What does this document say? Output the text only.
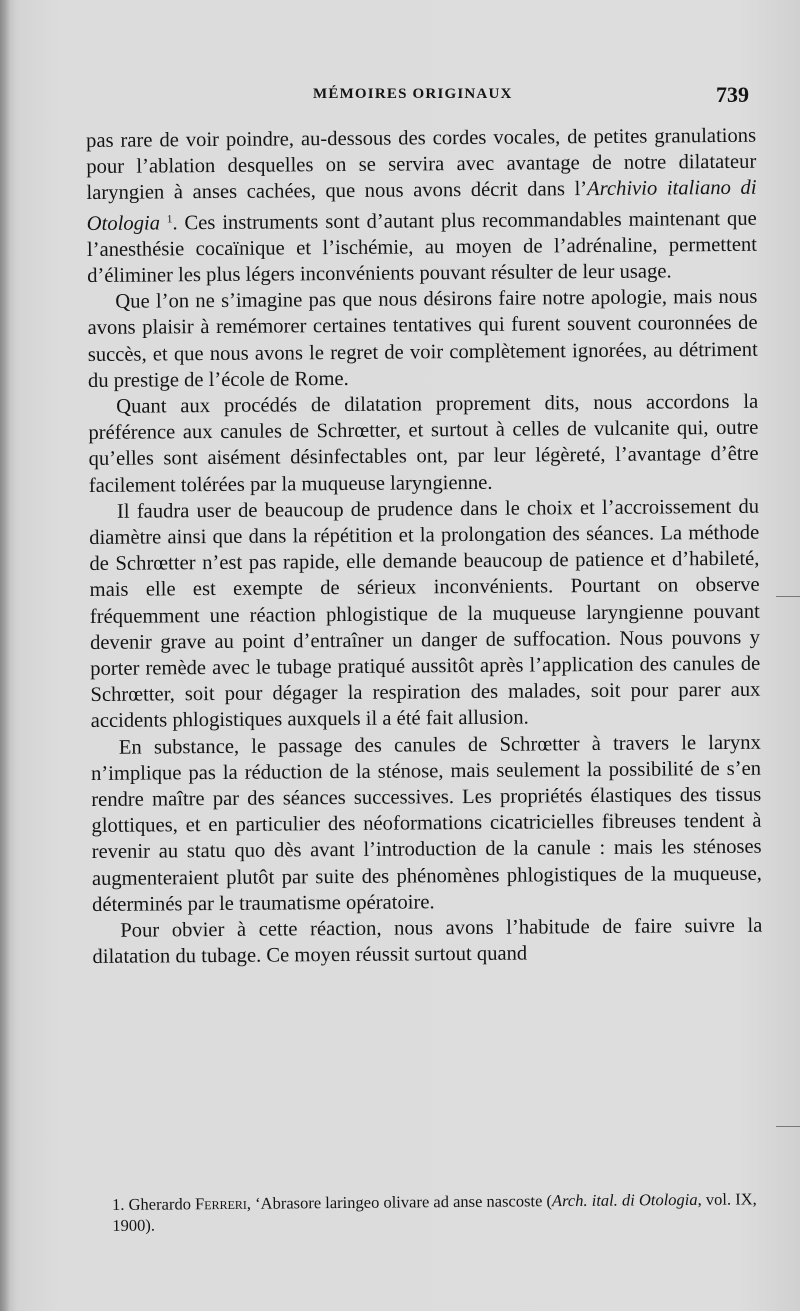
MÉMOIRES ORIGINAUX	739

pas rare de voir poindre, au-dessous des cordes vocales, de petites granulations pour l’ablation desquelles on se servira avec avantage de notre dilatateur laryngien à anses cachées, que nous avons décrit dans l’Archivio italiano di Otologia $^1$. Ces instruments sont d’autant plus recommandables maintenant que l’anesthésie cocaïnique et l’ischémie, au moyen de l’adrénaline, permettent d’éliminer les plus légers inconvénients pouvant résulter de leur usage.

Que l’on ne s’imagine pas que nous désirons faire notre apologie, mais nous avons plaisir à remémorer certaines tentatives qui furent souvent couronnées de succès, et que nous avons le regret de voir complètement ignorées, au détriment du prestige de l’école de Rome.

Quant aux procédés de dilatation proprement dits, nous accordons la préférence aux canules de Schrœtter, et surtout à celles de vulcanite qui, outre qu’elles sont aisément désinfectables ont, par leur légèreté, l’avantage d’être facilement tolérées par la muqueuse laryngienne.

Il faudra user de beaucoup de prudence dans le choix et l’accroissement du diamètre ainsi que dans la répétition et la prolongation des séances. La méthode de Schrœtter n’est pas rapide, elle demande beaucoup de patience et d’habileté, mais elle est exempte de sérieux inconvénients. Pourtant on observe fréquemment une réaction phlogistique de la muqueuse laryngienne pouvant devenir grave au point d’entraîner un danger de suffocation. Nous pouvons y porter remède avec le tubage pratiqué aussitôt après l’application des canules de Schrœtter, soit pour dégager la respiration des malades, soit pour parer aux accidents phlogistiques auxquels il a été fait allusion.

En substance, le passage des canules de Schrœtter à travers le larynx n’implique pas la réduction de la sténose, mais seulement la possibilité de s’en rendre maître par des séances successives. Les propriétés élastiques des tissus glottiques, et en particulier des néoformations cicatricielles fibreuses tendent à revenir au statu quo dès avant l’introduction de la canule : mais les sténoses augmenteraient plutôt par suite des phénomènes phlogistiques de la muqueuse, déterminés par le traumatisme opératoire.

Pour obvier à cette réaction, nous avons l’habitude de faire suivre la dilatation du tubage. Ce moyen réussit surtout quand

1. Gherardo Ferreri, ‘Abrasore laringeo olivare ad anse nascoste (Arch. ital. di Otologia, vol. IX, 1900).
